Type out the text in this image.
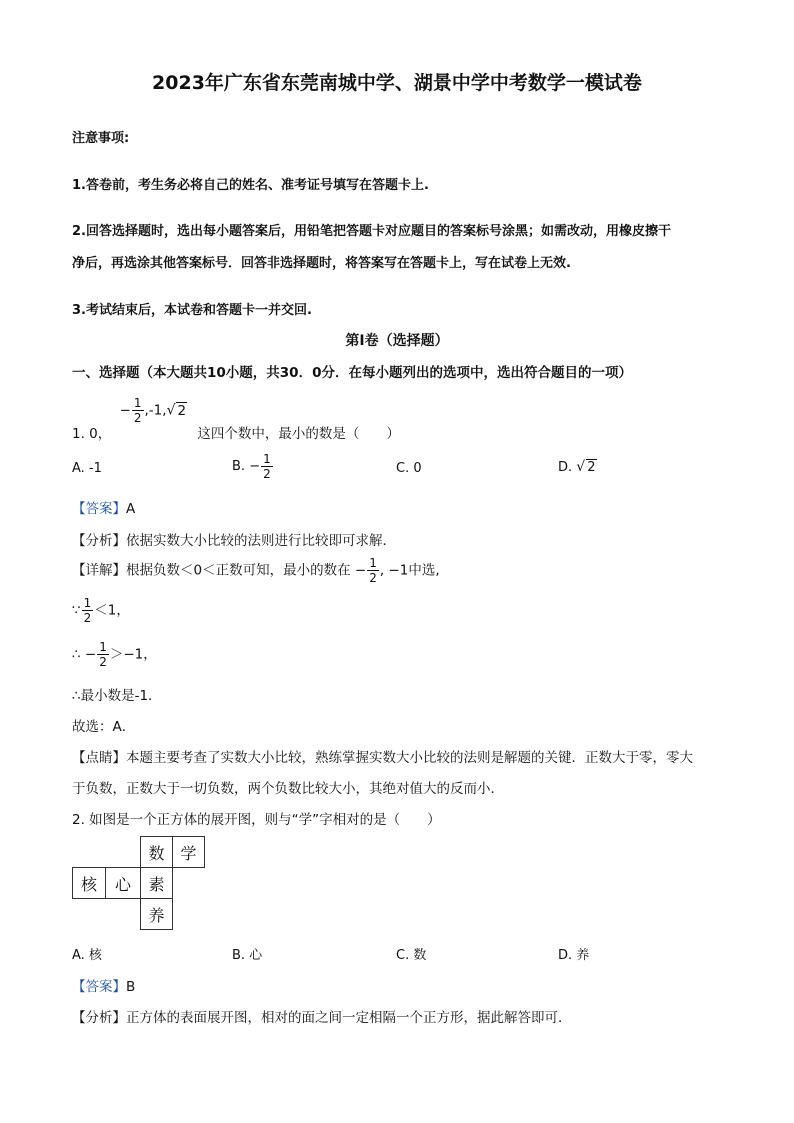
2023年广东省东莞南城中学、湖景中学中考数学一模试卷
注意事项:
1.答卷前，考生务必将自己的姓名、准考证号填写在答题卡上.
2.回答选择题时，选出每小题答案后，用铅笔把答题卡对应题目的答案标号涂黑；如需改动，用橡皮擦干
净后，再选涂其他答案标号．回答非选择题时，将答案写在答题卡上，写在试卷上无效.
3.考试结束后，本试卷和答题卡一并交回.
第Ⅰ卷（选择题）
一、选择题（本大题共10小题，共30．0分．在每小题列出的选项中，选出符合题目的一项）
1. 0， − $\frac{1}{2} ,-1,√$ 2 这四个数中，最小的数是（　　）
A. -1	B. − $\frac{1}{2}$	C. 0	D. √ 2
【答案】A
【分析】依据实数大小比较的法则进行比较即可求解．
【详解】根据负数＜0＜正数可知，最小的数在 − $\frac{1}{2}$ , −1中选,
∵ $\frac{1}{2} <1$，
∴ − $\frac{1}{2} >-1$，
∴最小数是-1．
故选：A．
【点睛】本题主要考查了实数大小比较，熟练掌握实数大小比较的法则是解题的关键．正数大于零，零大
于负数，正数大于一切负数，两个负数比较大小，其绝对值大的反而小．
2. 如图是一个正方体的展开图，则与“学”字相对的是（　　）
数 学
核	心	素
养
A. 核	B. 心	C. 数	D. 养
【答案】B
【分析】正方体的表面展开图，相对的面之间一定相隔一个正方形，据此解答即可．
